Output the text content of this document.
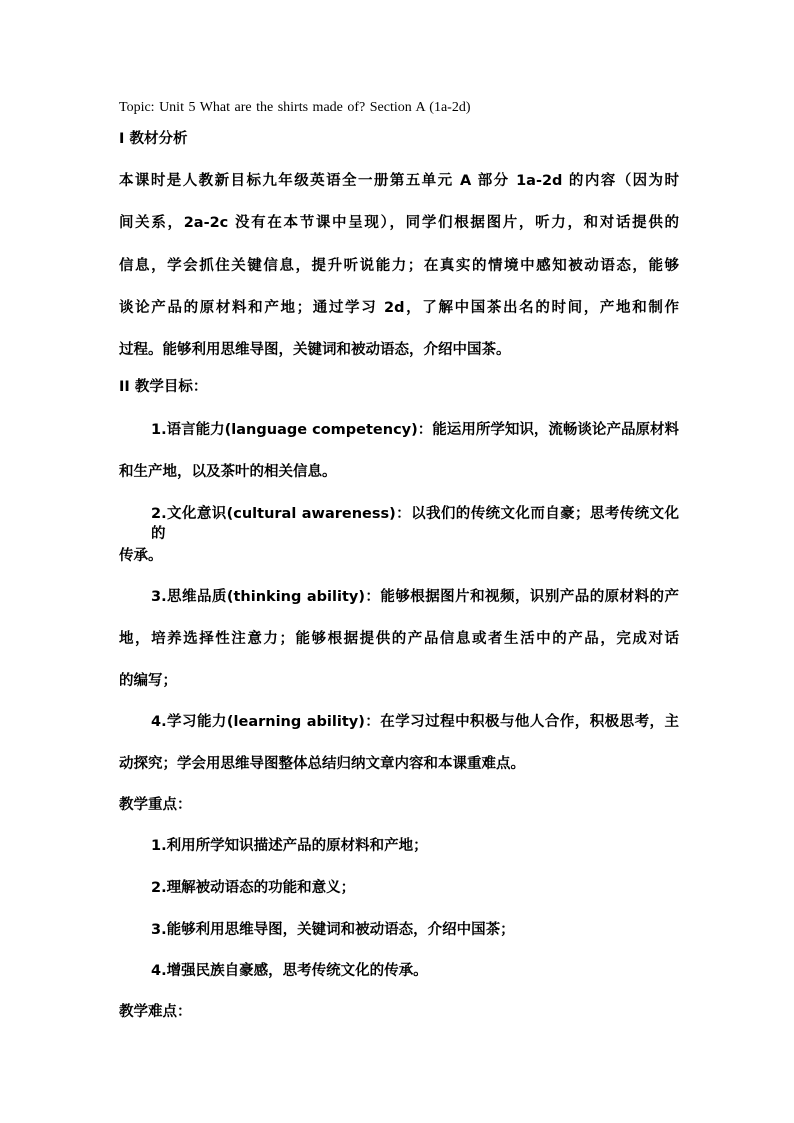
Topic: Unit 5 What are the shirts made of? Section A (1a-2d)
I 教材分析
本课时是人教新目标九年级英语全一册第五单元 A 部分 1a-2d 的内容（因为时
间关系，2a-2c 没有在本节课中呈现），同学们根据图片，听力，和对话提供的
信息，学会抓住关键信息，提升听说能力；在真实的情境中感知被动语态，能够
谈论产品的原材料和产地；通过学习 2d，了解中国茶出名的时间，产地和制作
过程。能够利用思维导图，关键词和被动语态，介绍中国茶。
II 教学目标：
1.语言能力(language competency)：能运用所学知识，流畅谈论产品原材料
和生产地，以及茶叶的相关信息。
2.文化意识(cultural awareness)：以我们的传统文化而自豪；思考传统文化的
传承。
3.思维品质(thinking ability)：能够根据图片和视频，识别产品的原材料的产
地，培养选择性注意力；能够根据提供的产品信息或者生活中的产品，完成对话
的编写；
4.学习能力(learning ability)：在学习过程中积极与他人合作，积极思考，主
动探究；学会用思维导图整体总结归纳文章内容和本课重难点。
教学重点：
1.利用所学知识描述产品的原材料和产地；
2.理解被动语态的功能和意义；
3.能够利用思维导图，关键词和被动语态，介绍中国茶；
4.增强民族自豪感，思考传统文化的传承。
教学难点：
